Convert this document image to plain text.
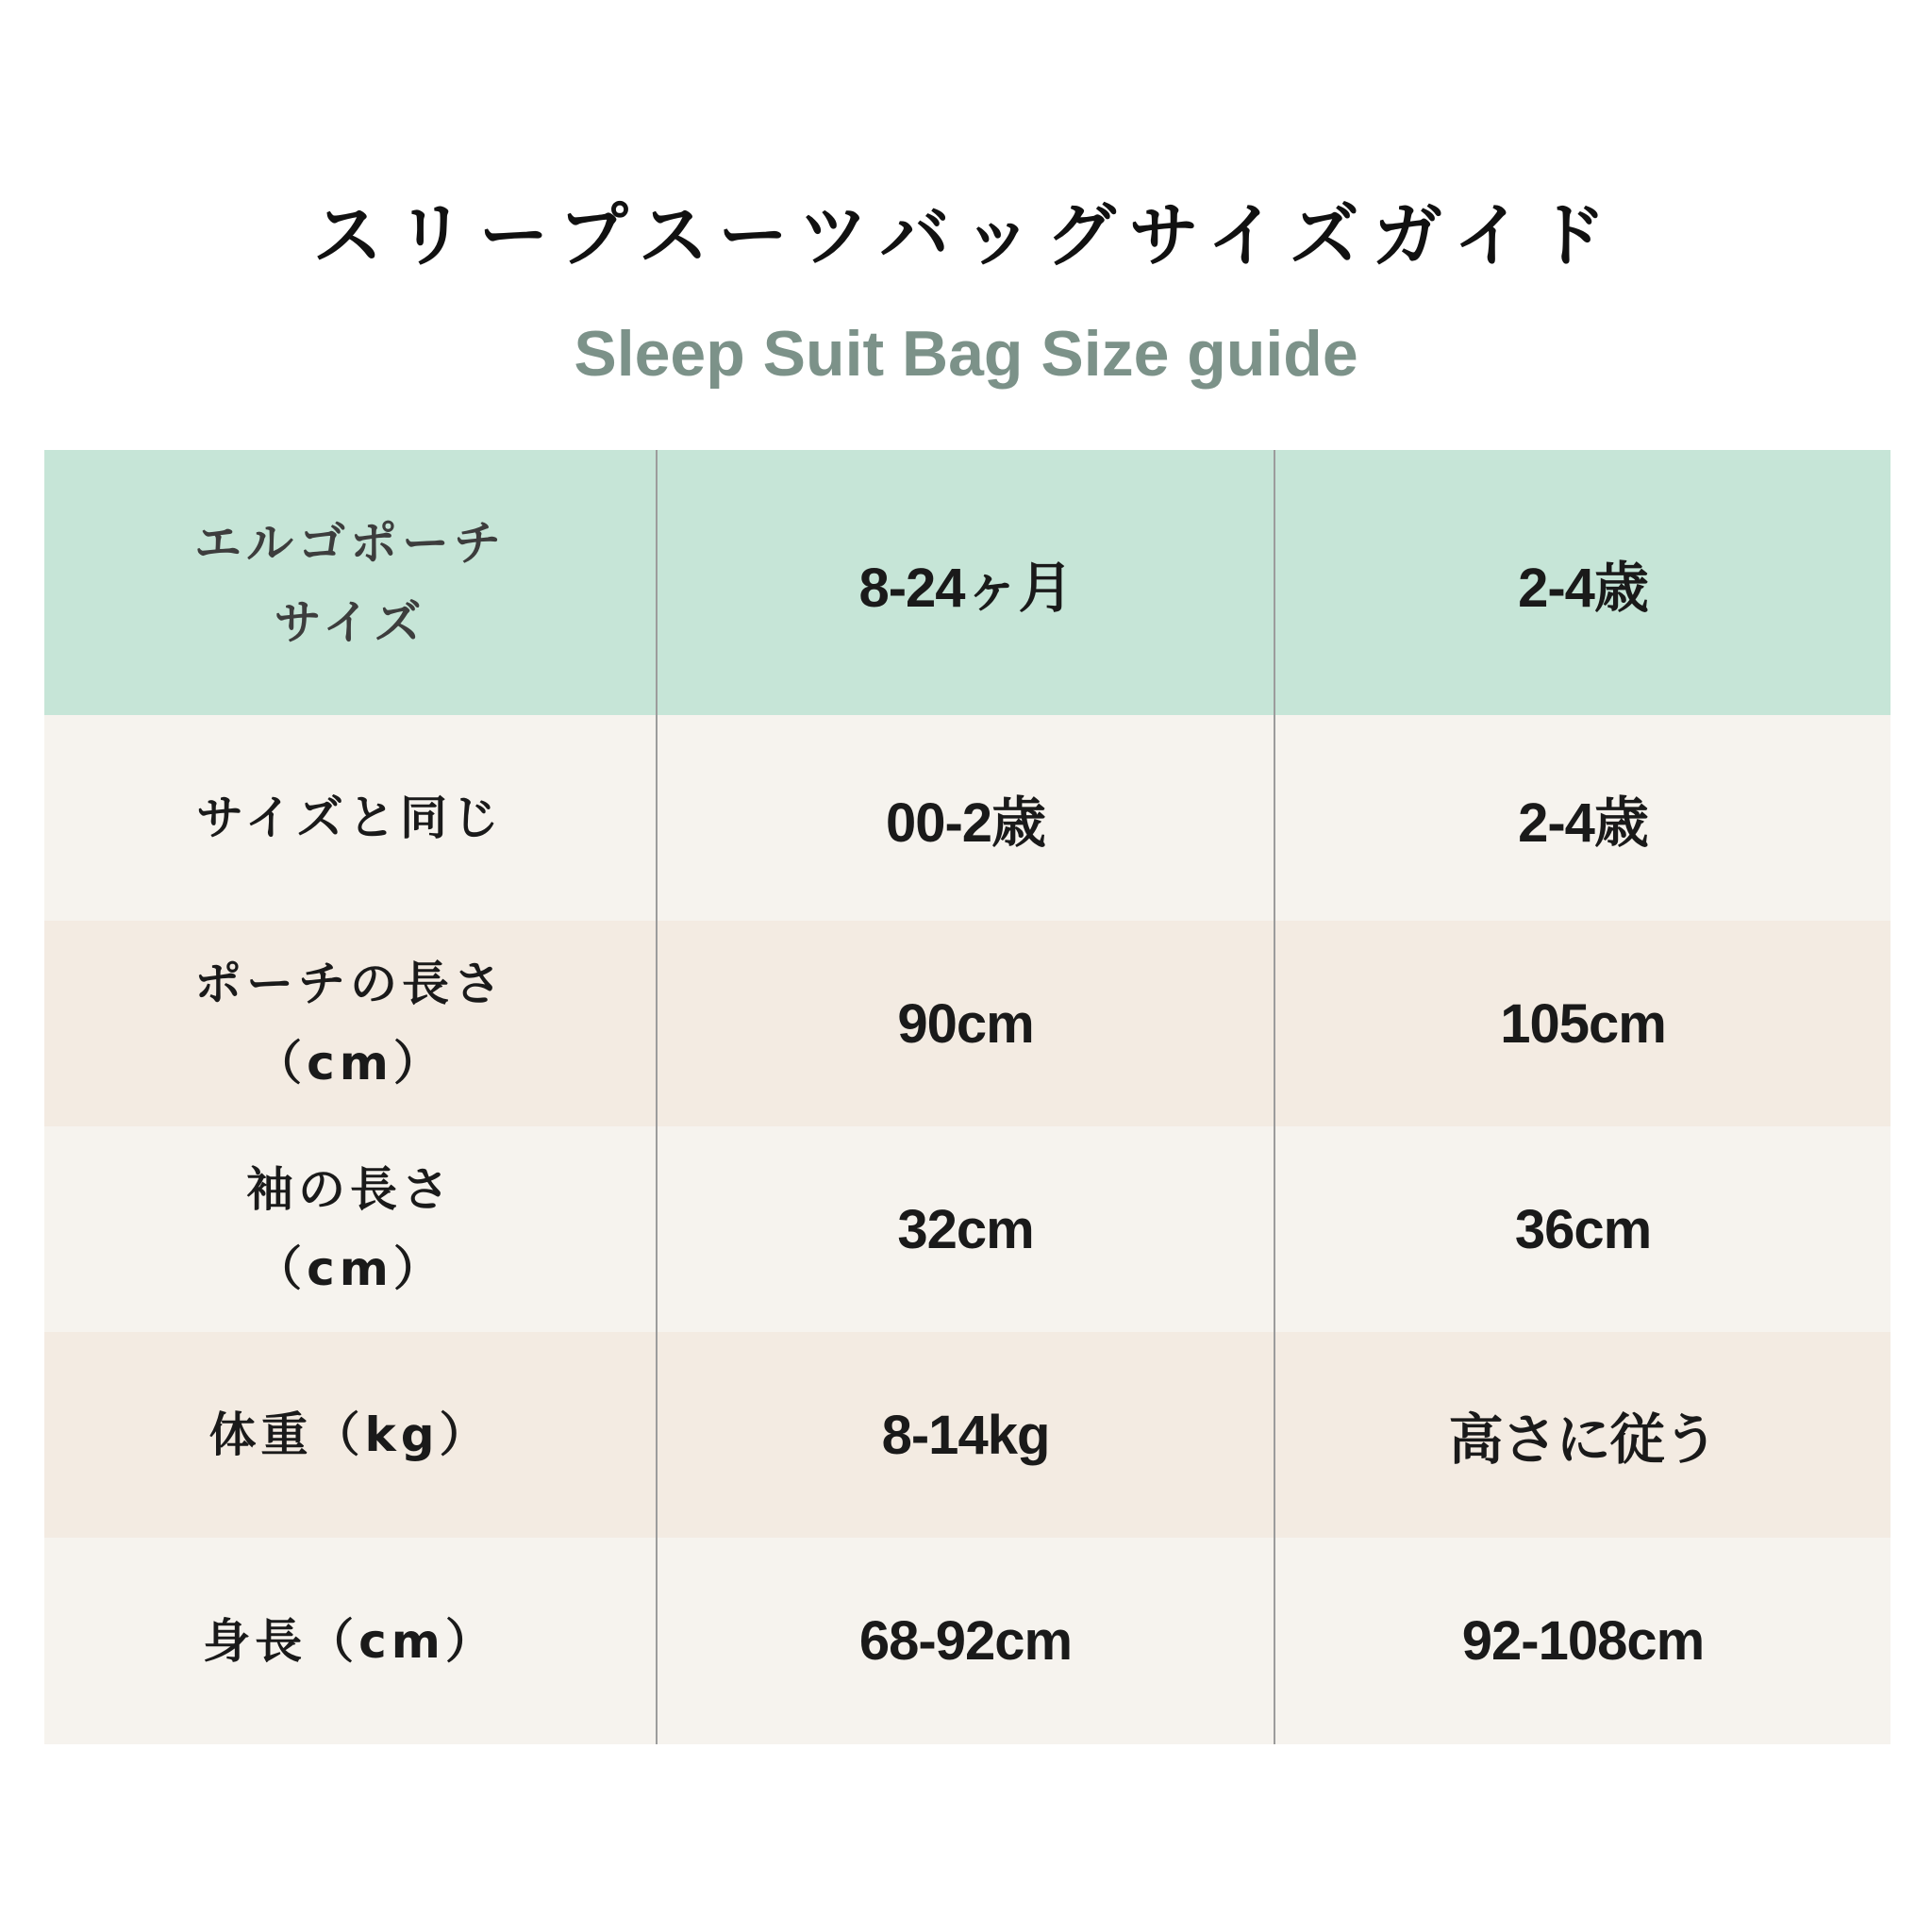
スリープスーツバッグサイズガイド
Sleep Suit Bag Size guide
エルゴポーチ
サイズ	8-24ヶ月	2-4歳
サイズと同じ	00-2歳	2-4歳
ポーチの長さ
（cm）	90cm	105cm
袖の長さ
（cm）	32cm	36cm
体重（kg）	8-14kg	高さに従う
身長（cm）	68-92cm	92-108cm
